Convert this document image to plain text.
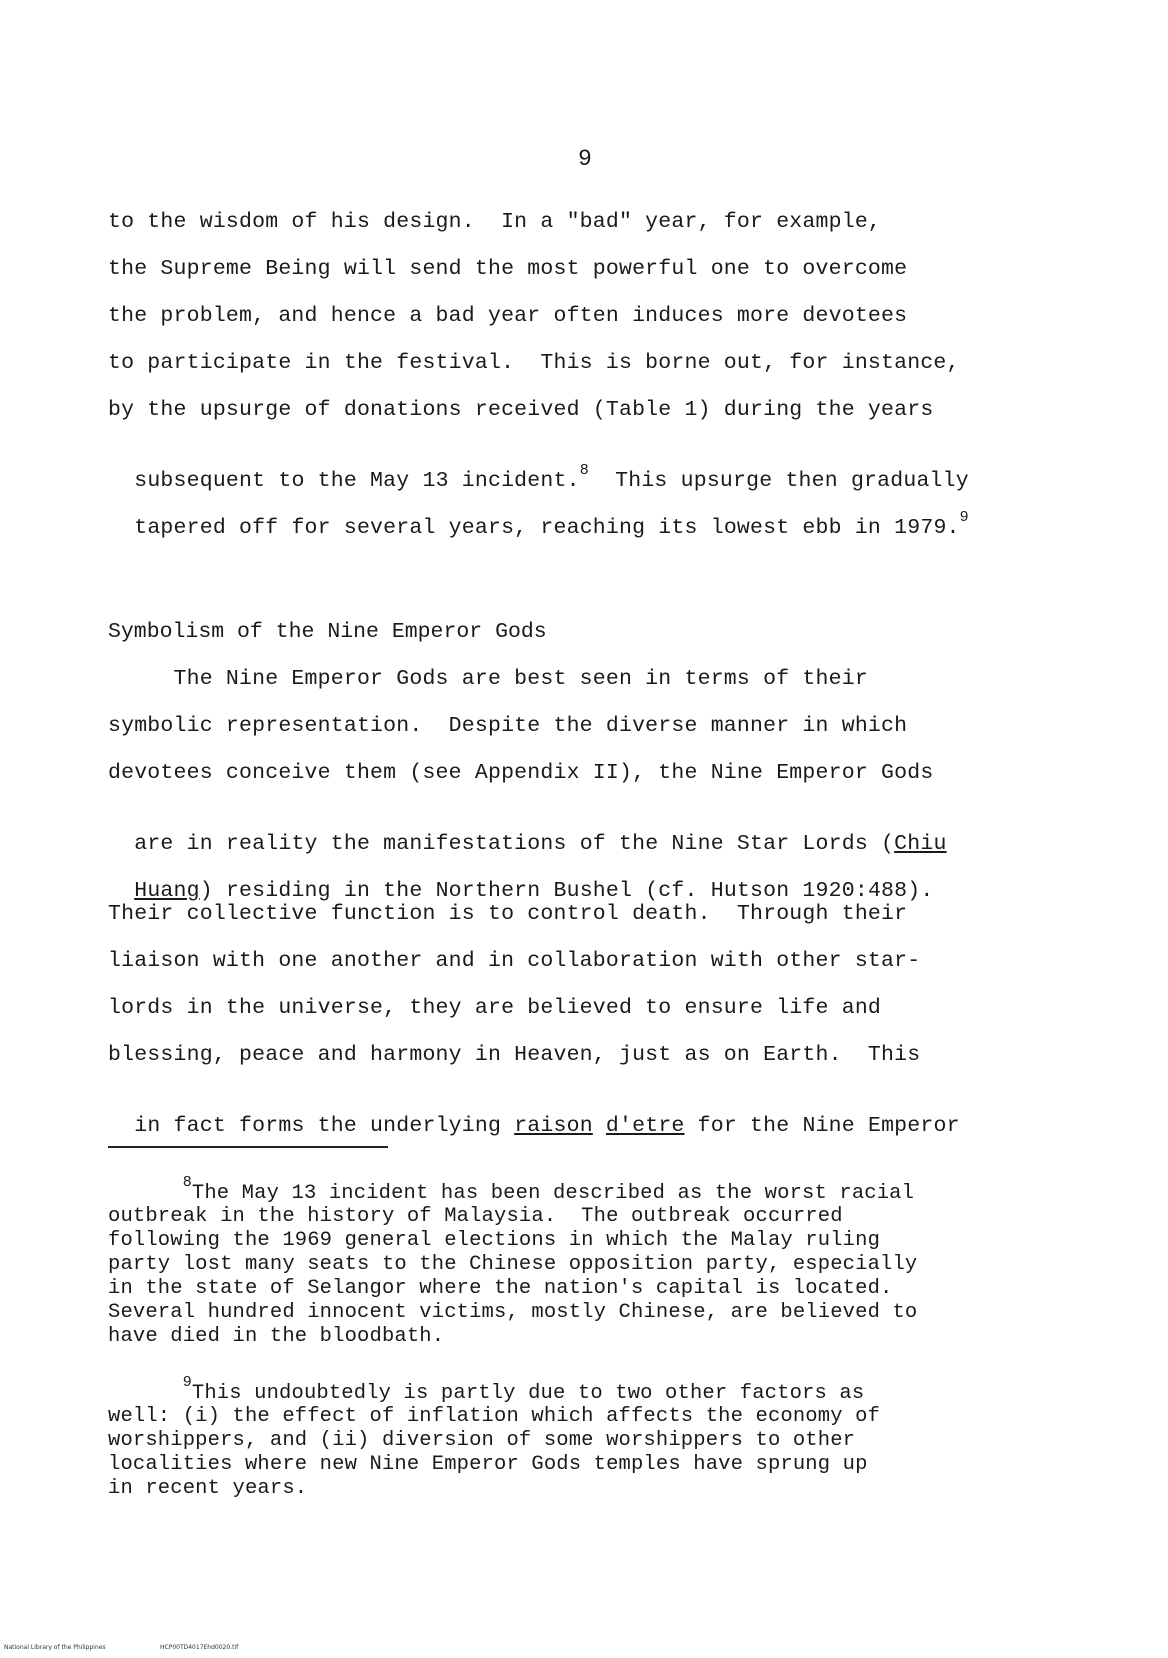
9
to the wisdom of his design.  In a "bad" year, for example,
the Supreme Being will send the most powerful one to overcome
the problem, and hence a bad year often induces more devotees
to participate in the festival.  This is borne out, for instance,
by the upsurge of donations received (Table 1) during the years

subsequent to the May 13 incident.$^8$  This upsurge then gradually

tapered off for several years, reaching its lowest ebb in 1979.$^9$

Symbolism of the Nine Emperor Gods
The Nine Emperor Gods are best seen in terms of their
symbolic representation.  Despite the diverse manner in which
devotees conceive them (see Appendix II), the Nine Emperor Gods

are in reality the manifestations of the Nine Star Lords (Chiu

Huang) residing in the Northern Bushel (cf. Hutson 1920:488).

Their collective function is to control death.  Through their
liaison with one another and in collaboration with other star-
lords in the universe, they are believed to ensure life and
blessing, peace and harmony in Heaven, just as on Earth.  This

in fact forms the underlying raison d'etre for the Nine Emperor

$^8$The May 13 incident has been described as the worst racial
outbreak in the history of Malaysia.  The outbreak occurred
following the 1969 general elections in which the Malay ruling
party lost many seats to the Chinese opposition party, especially
in the state of Selangor where the nation's capital is located.
Several hundred innocent victims, mostly Chinese, are believed to
have died in the bloodbath.
$^9$This undoubtedly is partly due to two other factors as
well: (i) the effect of inflation which affects the economy of
worshippers, and (ii) diversion of some worshippers to other
localities where new Nine Emperor Gods temples have sprung up
in recent years.
National Library of the Philippines	HCP00TD4017Ehd0020.tif
